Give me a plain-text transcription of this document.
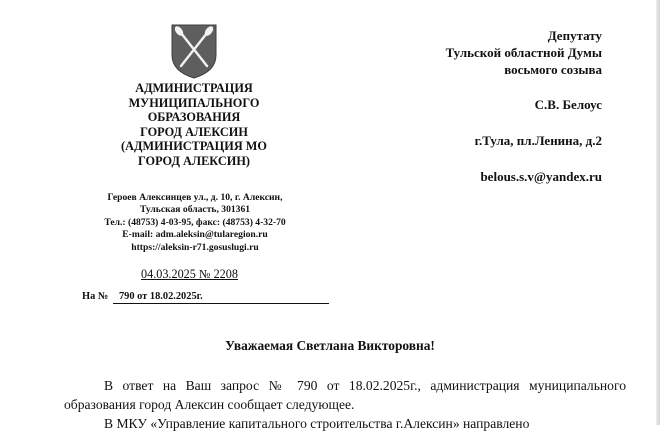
АДМИНИСТРАЦИЯ
МУНИЦИПАЛЬНОГО
ОБРАЗОВАНИЯ
ГОРОД АЛЕКСИН
(АДМИНИСТРАЦИЯ МО
ГОРОД АЛЕКСИН)
Героев Алексинцев ул., д. 10, г. Алексин,
Тульская область, 301361
Тел.: (48753) 4-03-95, факс: (48753) 4-32-70
E-mail: adm.aleksin@tularegion.ru
https://aleksin-r71.gosuslugi.ru
04.03.2025 № 2208
На № 790 от 18.02.2025г.
Депутату
Тульской областной Думы
восьмого созыва
С.В. Белоус
г.Тула, пл.Ленина, д.2
belous.s.v@yandex.ru
Уважаемая Светлана Викторовна!

В ответ на Ваш запрос № 790 от 18.02.2025г., администрация муниципального образования город Алексин сообщает следующее.

В МКУ «Управление капитального строительства г.Алексин» направлено
